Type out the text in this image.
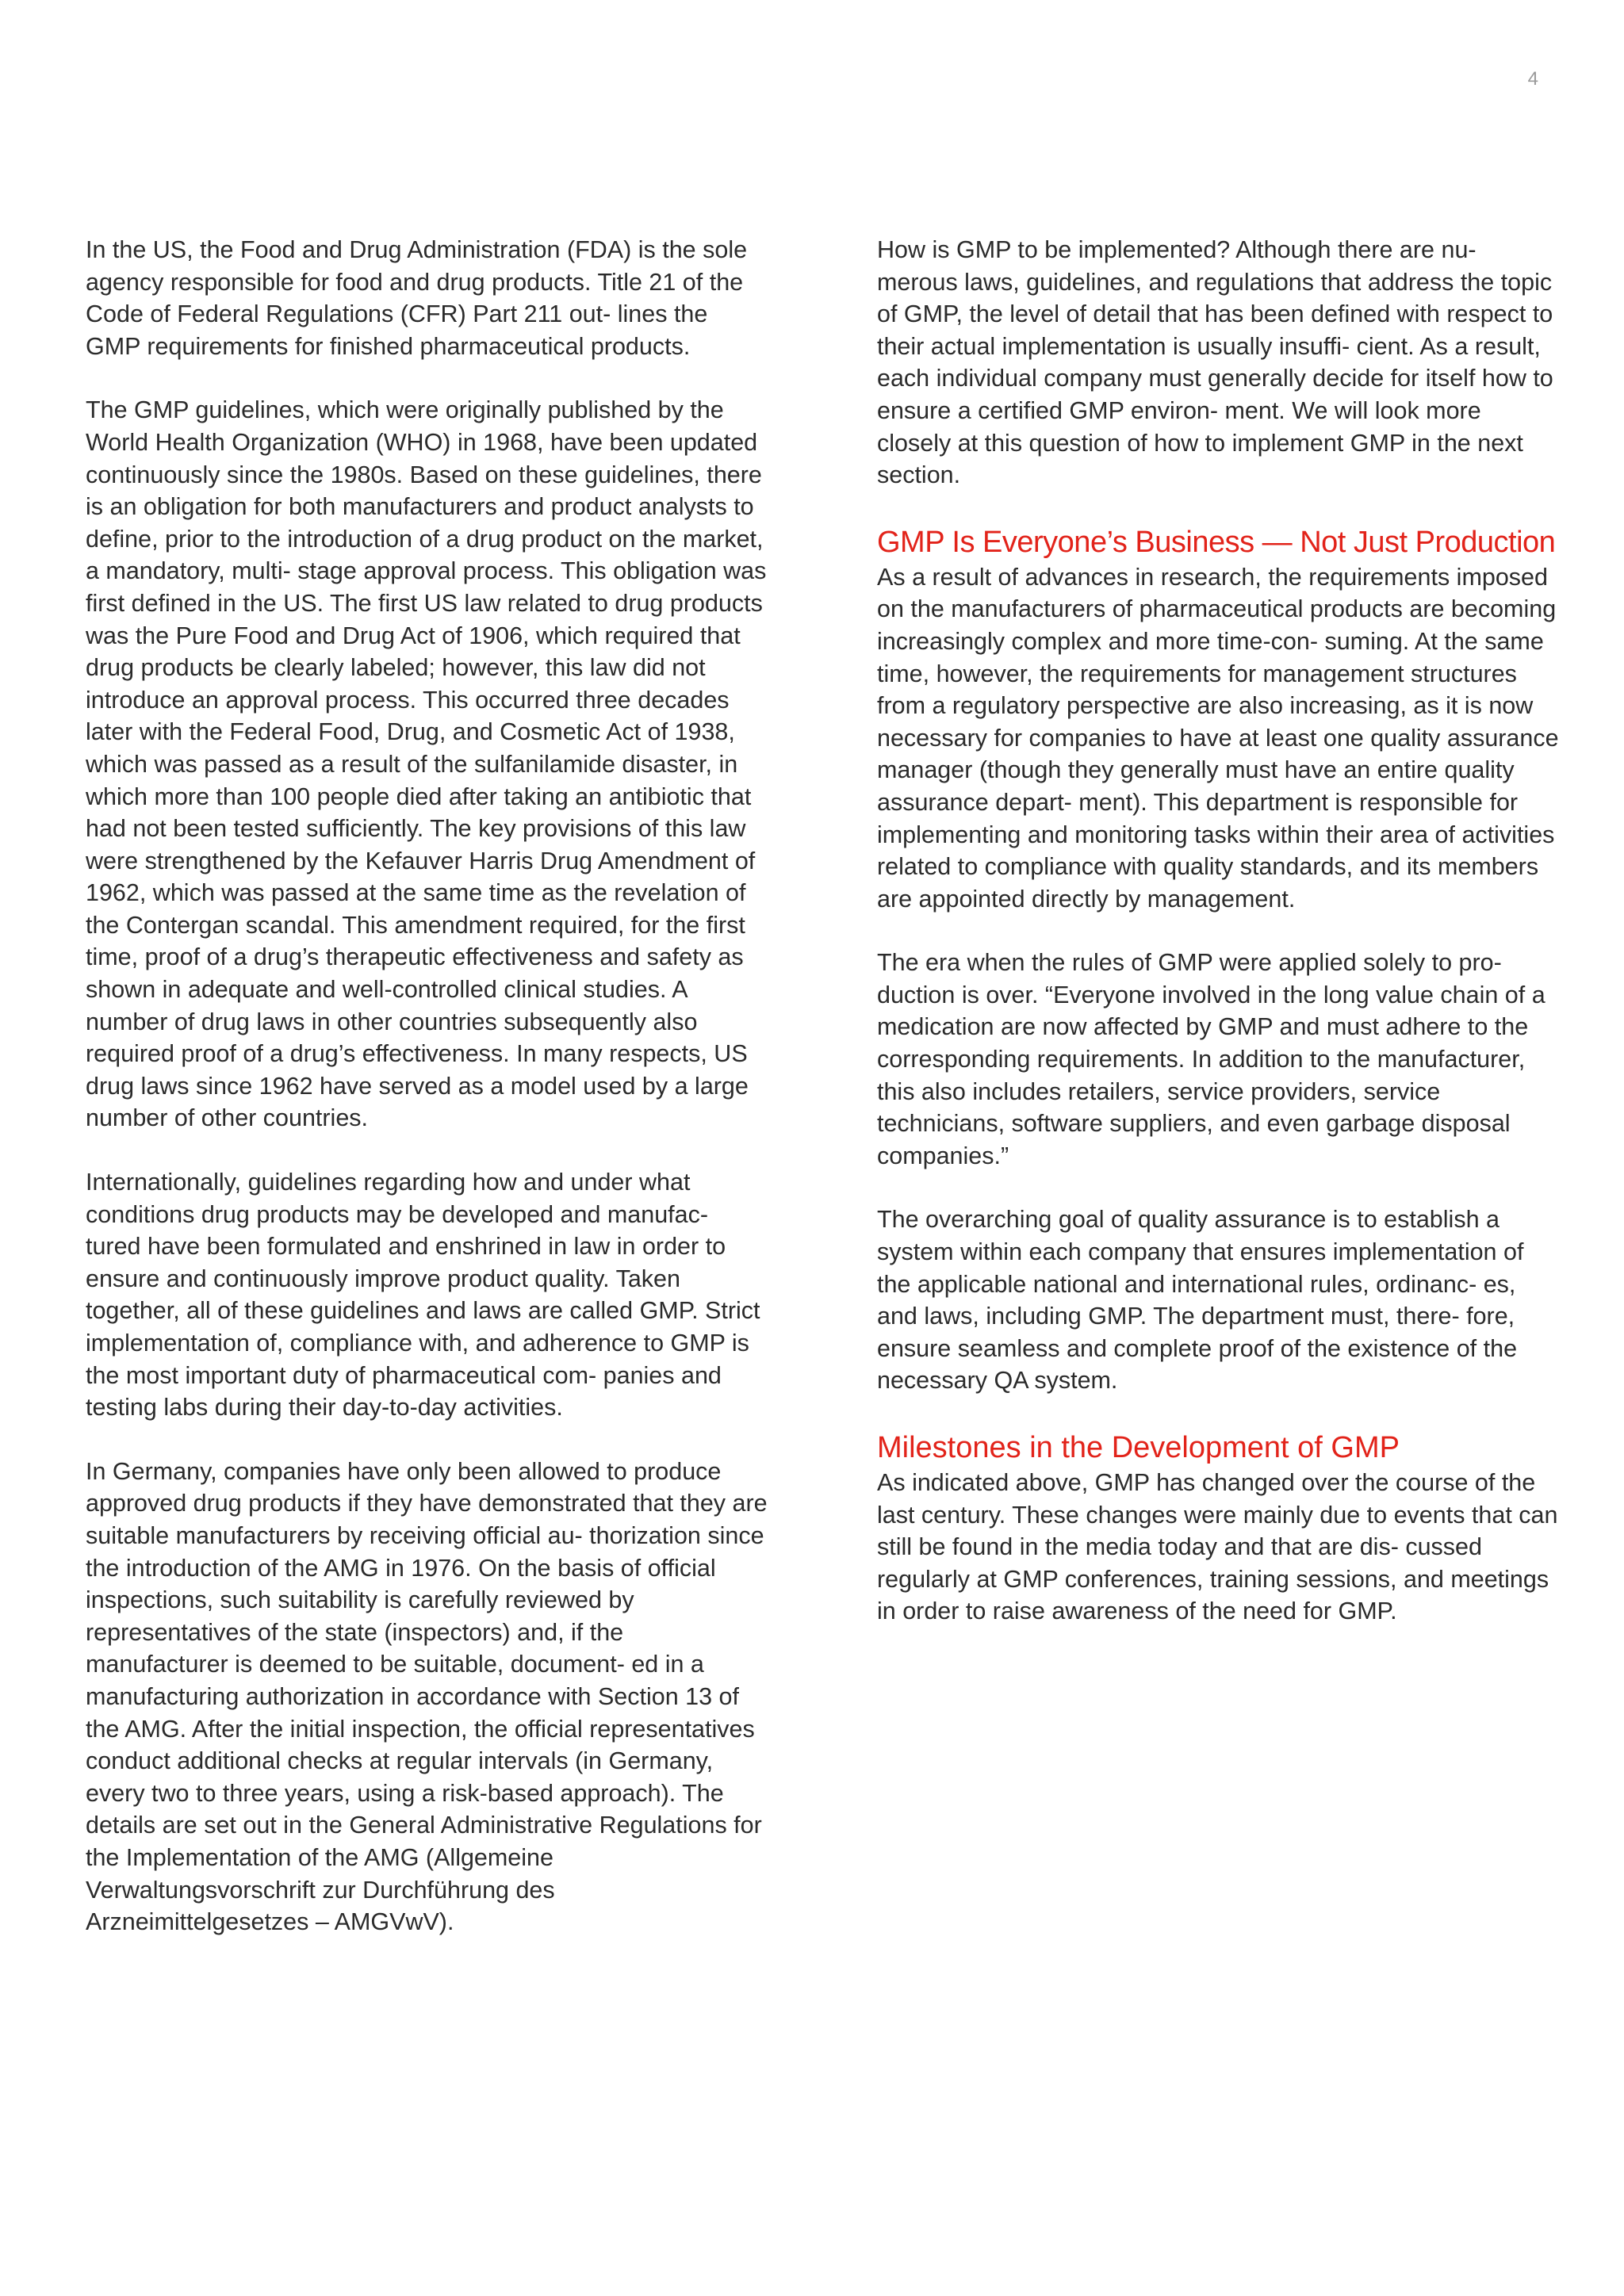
4

In the US, the Food and Drug Administration (FDA) is the sole agency responsible for food and drug products. Title 21 of the Code of Federal Regulations (CFR) Part 211 out- lines the GMP requirements for finished pharmaceutical products.

The GMP guidelines, which were originally published by the World Health Organization (WHO) in 1968, have been updated continuously since the 1980s. Based on these guidelines, there is an obligation for both manufacturers and product analysts to define, prior to the introduction of a drug product on the market, a mandatory, multi- stage approval process. This obligation was first defined in the US. The first US law related to drug products was the Pure Food and Drug Act of 1906, which required that drug products be clearly labeled; however, this law did not introduce an approval process. This occurred three decades later with the Federal Food, Drug, and Cosmetic Act of 1938, which was passed as a result of the sulfanilamide disaster, in which more than 100 people died after taking an antibiotic that had not been tested sufficiently. The key provisions of this law were strengthened by the Kefauver Harris Drug Amendment of 1962, which was passed at the same time as the revelation of the Contergan scandal. This amendment required, for the first time, proof of a drug’s therapeutic effectiveness and safety as shown in adequate and well-controlled clinical studies. A number of drug laws in other countries subsequently also required proof of a drug’s effectiveness. In many respects, US drug laws since 1962 have served as a model used by a large number of other countries.

Internationally, guidelines regarding how and under what conditions drug products may be developed and manufac- tured have been formulated and enshrined in law in order to ensure and continuously improve product quality. Taken together, all of these guidelines and laws are called GMP. Strict implementation of, compliance with, and adherence to GMP is the most important duty of pharmaceutical com- panies and testing labs during their day-to-day activities.

In Germany, companies have only been allowed to produce approved drug products if they have demonstrated that they are suitable manufacturers by receiving official au- thorization since the introduction of the AMG in 1976. On the basis of official inspections, such suitability is carefully reviewed by representatives of the state (inspectors) and, if the manufacturer is deemed to be suitable, document- ed in a manufacturing authorization in accordance with Section 13 of the AMG. After the initial inspection, the official representatives conduct additional checks at regular intervals (in Germany, every two to three years, using a risk-based approach). The details are set out in the General Administrative Regulations for the Implementation of the AMG (Allgemeine Verwaltungsvorschrift zur Durchführung des Arzneimittelgesetzes – AMGVwV).

How is GMP to be implemented? Although there are nu- merous laws, guidelines, and regulations that address the topic of GMP, the level of detail that has been defined with respect to their actual implementation is usually insuffi- cient. As a result, each individual company must generally decide for itself how to ensure a certified GMP environ- ment. We will look more closely at this question of how to implement GMP in the next section.

GMP Is Everyone’s Business — Not Just Production

As a result of advances in research, the requirements imposed on the manufacturers of pharmaceutical products are becoming increasingly complex and more time-con- suming. At the same time, however, the requirements for management structures from a regulatory perspective are also increasing, as it is now necessary for companies to have at least one quality assurance manager (though they generally must have an entire quality assurance depart- ment). This department is responsible for implementing and monitoring tasks within their area of activities related to compliance with quality standards, and its members are appointed directly by management.

The era when the rules of GMP were applied solely to pro- duction is over. “Everyone involved in the long value chain of a medication are now affected by GMP and must adhere to the corresponding requirements. In addition to the manufacturer, this also includes retailers, service providers, service technicians, software suppliers, and even garbage disposal companies.”

The overarching goal of quality assurance is to establish a system within each company that ensures implementation of the applicable national and international rules, ordinanc- es, and laws, including GMP. The department must, there- fore, ensure seamless and complete proof of the existence of the necessary QA system.

Milestones in the Development of GMP

As indicated above, GMP has changed over the course of the last century. These changes were mainly due to events that can still be found in the media today and that are dis- cussed regularly at GMP conferences, training sessions, and meetings in order to raise awareness of the need for GMP.
